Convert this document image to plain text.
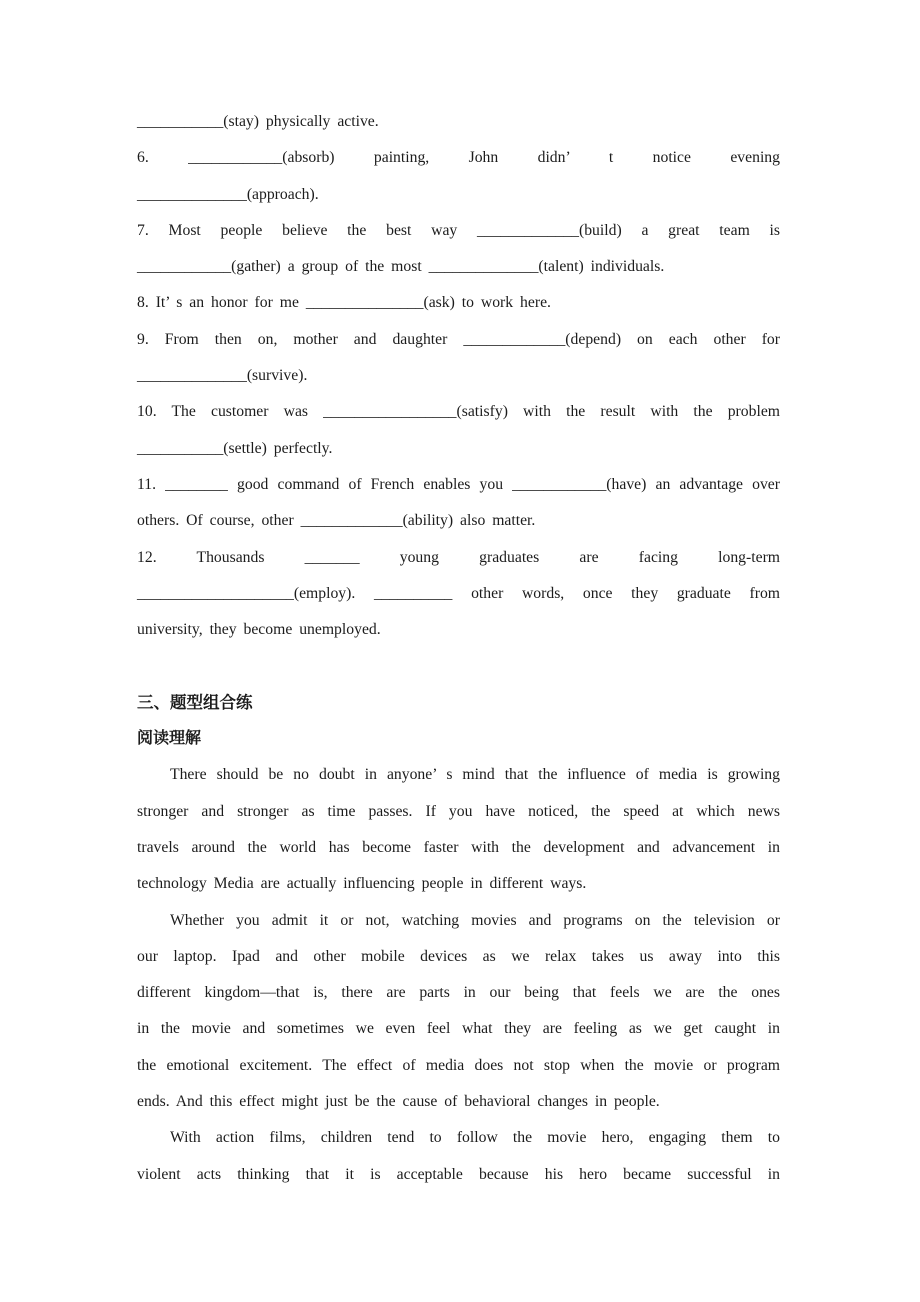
___________(stay) physically active.
6. ____________(absorb) painting, John didn’ t notice evening
______________(approach).
7. Most people believe the best way _____________(build) a great team is
____________(gather) a group of the most ______________(talent) individuals.
8. It’ s an honor for me _______________(ask) to work here.
9. From then on, mother and daughter _____________(depend) on each other for
______________(survive).
10. The customer was _________________(satisfy) with the result with the problem
___________(settle) perfectly.
11. ________ good command of French enables you ____________(have) an advantage over
others. Of course, other _____________(ability) also matter.
12. Thousands _______ young graduates are facing long-term
____________________(employ). __________ other words, once they graduate from
university, they become unemployed.
三、题型组合练
阅读理解
There should be no doubt in anyone’ s mind that the influence of media is growing
stronger and stronger as time passes. If you have noticed, the speed at which news
travels around the world has become faster with the development and advancement in
technology Media are actually influencing people in different ways.
Whether you admit it or not, watching movies and programs on the television or
our laptop. Ipad and other mobile devices as we relax takes us away into this
different kingdom—that is, there are parts in our being that feels we are the ones
in the movie and sometimes we even feel what they are feeling as we get caught in
the emotional excitement. The effect of media does not stop when the movie or program
ends. And this effect might just be the cause of behavioral changes in people.
With action films, children tend to follow the movie hero, engaging them to
violent acts thinking that it is acceptable because his hero became successful in
